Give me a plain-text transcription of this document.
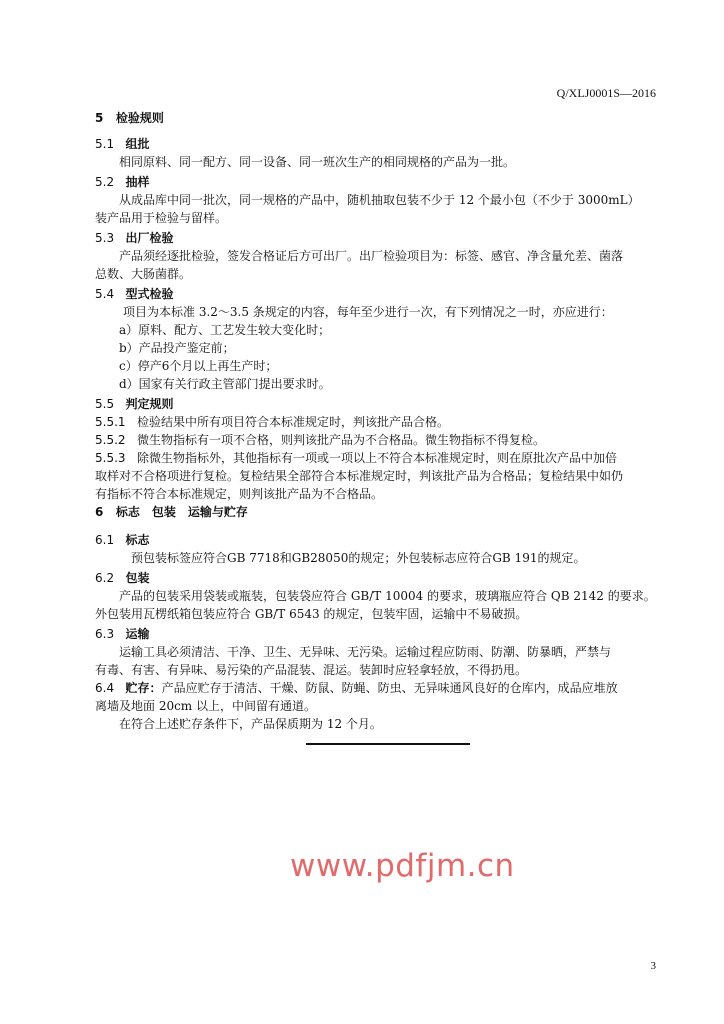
Q/XLJ0001S—2016
5 检验规则
5.1 组批
相同原料、同一配方、同一设备、同一班次生产的相同规格的产品为一批。
5.2 抽样
从成品库中同一批次，同一规格的产品中，随机抽取包装不少于 12 个最小包（不少于 3000mL）
装产品用于检验与留样。
5.3 出厂检验
产品须经逐批检验，签发合格证后方可出厂。出厂检验项目为：标签、感官、净含量允差、菌落
总数、大肠菌群。
5.4 型式检验
项目为本标准 3.2～3.5 条规定的内容，每年至少进行一次，有下列情况之一时，亦应进行：
a）原料、配方、工艺发生较大变化时；
b）产品投产鉴定前；
c）停产6个月以上再生产时；
d）国家有关行政主管部门提出要求时。
5.5 判定规则
5.5.1 检验结果中所有项目符合本标准规定时，判该批产品合格。
5.5.2 微生物指标有一项不合格，则判该批产品为不合格品。微生物指标不得复检。
5.5.3 除微生物指标外，其他指标有一项或一项以上不符合本标准规定时，则在原批次产品中加倍
取样对不合格项进行复检。复检结果全部符合本标准规定时，判该批产品为合格品；复检结果中如仍
有指标不符合本标准规定，则判该批产品为不合格品。
6 标志　包装　运输与贮存
6.1 标志
预包装标签应符合GB 7718和GB28050的规定；外包装标志应符合GB 191的规定。
6.2 包装
产品的包装采用袋装或瓶装，包装袋应符合 GB/T 10004 的要求，玻璃瓶应符合 QB 2142 的要求。
外包装用瓦楞纸箱包装应符合 GB/T 6543 的规定，包装牢固，运输中不易破损。
6.3 运输
运输工具必须清洁、干净、卫生、无异味、无污染。运输过程应防雨、防潮、防暴晒，严禁与
有毒、有害、有异味、易污染的产品混装、混运。装卸时应轻拿轻放，不得扔甩。
6.4 贮存：产品应贮存于清洁、干燥、防鼠、防蝇、防虫、无异味通风良好的仓库内，成品应堆放
离墙及地面 20cm 以上，中间留有通道。
在符合上述贮存条件下，产品保质期为 12 个月。
www.pdfjm.cn
3
